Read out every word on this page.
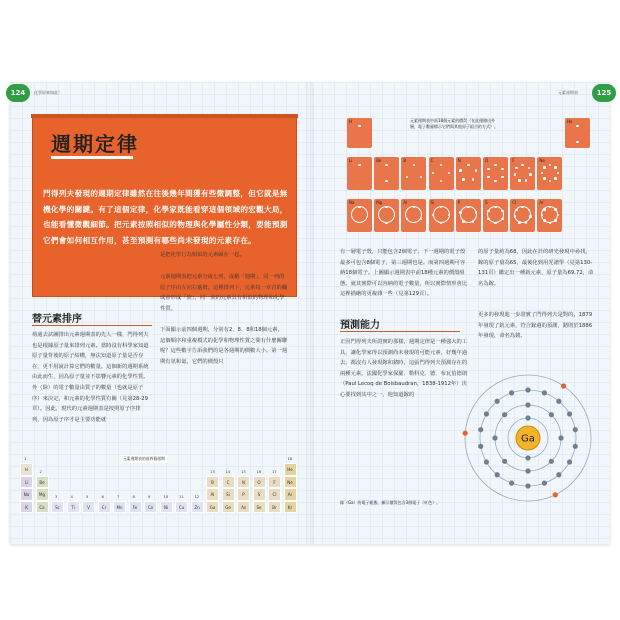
124	化學原來如此！
週期定律
門得列夫發現的週期定律雖然在往後幾年間獲有些微調整，但它就是無機化學的關鍵。有了這個定律，化學家既能看穿這個領域的宏觀大局，也能看懂微觀細節。把元素按照相似的物理與化學屬性分類，要能預測它們會如何相互作用，甚至預測有哪些尚未發現的元素存在。
替元素排序
荷通去試圖排出元素週期表的先人一樣，門得列夫也是根據原子量來排列元素。當時沒有科學家知道原子量背後的原子結構，無法知道原子量是否存在，更不用說計算它們的數量。這個新的週期系統由此而生，因為原子量並不影響元素的化學性質。外（除）的電子數量由質子的數量（也就是原子序）來決定，和元素的化學性質有關（見第28-29頁）。因此，現代的元素週期表是按照原子序排列，因為原子序才是主要功能就
是把化學行為相似的元素歸在一起。
元素週期表把元素分成七列，或稱「週期」，同一列的原子序由左向右遞增。這種排列下，元素每一章首的欄或會形成「族」，同一族的元素具有相似的物理和化學性質。
下面顯示前四個週期，分別有2、8、8和18個元素。這個順序和重複模式的化學和物理性質之間有什麼關聯呢？這些數字告訴我們的是各週期的價數大小。第一週期有氫和氦，它們的價殼只
元素週期表的前四個週期
H	He
Li	Be	B	C	N	O	F	Ne
Na	Mg	Al	Si	P	S	Cl	Ar
K	Ca	Sc	Ti	V	Cr	Mn	Fe	Co	Ni	Cu	Zn	Ga	Ge	As	Se	Br	Kr
1
2	13	14	15	16	17
18
3	4	5	6	7	8	9	10	11	12
125
元素週期表
元素週期表中前18個元素的價殼（在此僅繪出外層，電子數量標示它們與其他原子組合的方式）。
H	He
Li	Be	B	C	N	O	F	Ne
Na	Mg	Al	Si	P	S	Cl	Ar
有一層電子殼，只能包含2個電子。下一週期的電子殼最多可包含8個電子，第三週期也是。而第四週期可容納18個電子。上圖顯示週期表中前18種元素的價殼組態。就其實際可以容納的電子數量，所以實際情形會比這裡描繪的更複雜一些（見第129頁）。
預測能力
正因門得列夫所證實的那樣，週期定律是一種強大的工具，讓化學家得以預測尚未發現的可能元素，好幾年過去，都沒有人發現鎵和鍺時，這張門得列夫預測存在的兩種元素。法國化學家保羅．勒科克．德．布瓦伯德朗（Paul Lecoq de Boisbaudran，1838-1912年）決心要找到其中之一，他知道鎵的
的原子量約為68，因此在計的研光發現中尋找，鎵的原子量為65，最後化到用光譜學（見第130-131頁）鑑定出一種新元素，原子量為69.72，命名為鎵。
更多的發現進一步證實了門得列夫是對的，1879年發現了鈧元素，符合鎵週的預測，鍺則於1886年發現，命名為鍺。
Ga
鎵（Ga）的電子組態，顯示價殼包含3個電子（紅色）。
